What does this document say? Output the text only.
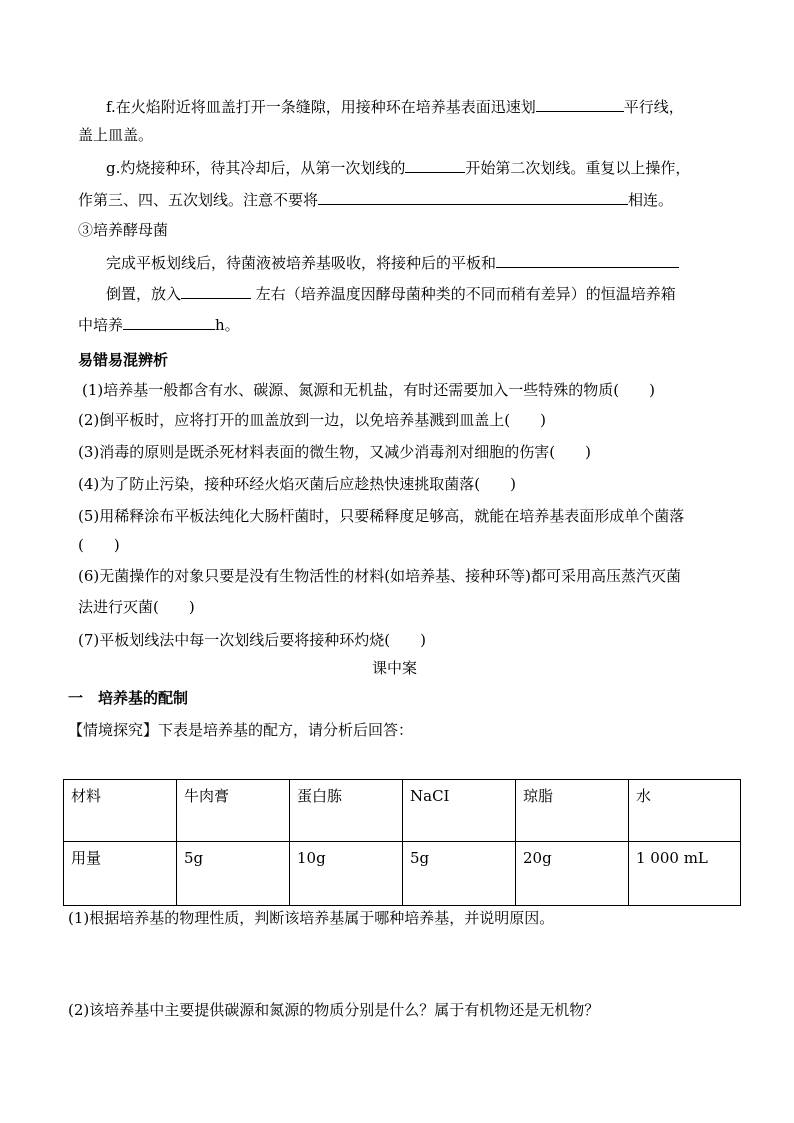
f.在火焰附近将皿盖打开一条缝隙，用接种环在培养基表面迅速划	平行线，
盖上皿盖。
g.灼烧接种环，待其冷却后，从第一次划线的	开始第二次划线。重复以上操作，
作第三、四、五次划线。注意不要将	相连。
③培养酵母菌
完成平板划线后，待菌液被培养基吸收，将接种后的平板和
倒置，放入	左右（培养温度因酵母菌种类的不同而稍有差异）的恒温培养箱
中培养	h。
易错易混辨析
(1)培养基一般都含有水、碳源、氮源和无机盐，有时还需要加入一些特殊的物质(　　)
(2)倒平板时，应将打开的皿盖放到一边，以免培养基溅到皿盖上(　　)
(3)消毒的原则是既杀死材料表面的微生物，又减少消毒剂对细胞的伤害(　　)
(4)为了防止污染，接种环经火焰灭菌后应趁热快速挑取菌落(　　)
(5)用稀释涂布平板法纯化大肠杆菌时，只要稀释度足够高，就能在培养基表面形成单个菌落
(　　)
(6)无菌操作的对象只要是没有生物活性的材料(如培养基、接种环等)都可采用高压蒸汽灭菌
法进行灭菌(　　)
(7)平板划线法中每一次划线后要将接种环灼烧(　　)
课中案
一　培养基的配制
【情境探究】下表是培养基的配方，请分析后回答：
材料	牛肉膏	蛋白胨	NaCI	琼脂	水
用量	5g	10g	5g	20g	1 000 mL
(1)根据培养基的物理性质，判断该培养基属于哪种培养基，并说明原因。
(2)该培养基中主要提供碳源和氮源的物质分别是什么？属于有机物还是无机物？
